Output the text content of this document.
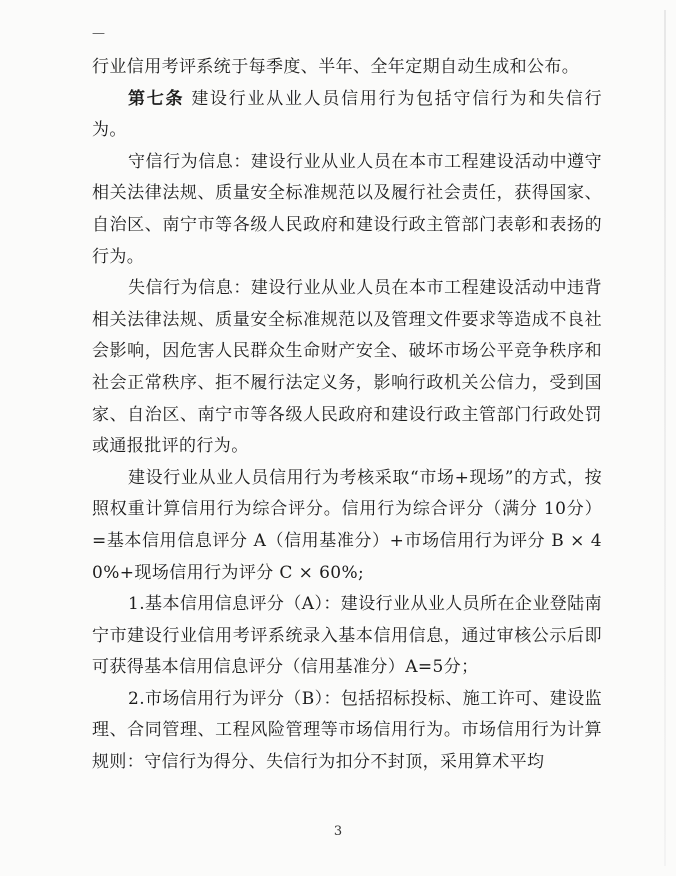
—

行业信用考评系统于每季度、半年、全年定期自动生成和公布。

第七条 建设行业从业人员信用行为包括守信行为和失信行为。

守信行为信息：建设行业从业人员在本市工程建设活动中遵守相关法律法规、质量安全标准规范以及履行社会责任，获得国家、自治区、南宁市等各级人民政府和建设行政主管部门表彰和表扬的行为。

失信行为信息：建设行业从业人员在本市工程建设活动中违背相关法律法规、质量安全标准规范以及管理文件要求等造成不良社会影响，因危害人民群众生命财产安全、破坏市场公平竞争秩序和社会正常秩序、拒不履行法定义务，影响行政机关公信力，受到国家、自治区、南宁市等各级人民政府和建设行政主管部门行政处罚或通报批评的行为。

建设行业从业人员信用行为考核采取“市场+现场”的方式，按照权重计算信用行为综合评分。信用行为综合评分（满分 10分）=基本信用信息评分 A（信用基准分）+市场信用行为评分 B × 40%+现场信用行为评分 C × 60%;

1.基本信用信息评分（A）：建设行业从业人员所在企业登陆南宁市建设行业信用考评系统录入基本信用信息，通过审核公示后即可获得基本信用信息评分（信用基准分）A=5分；

2.市场信用行为评分（B）：包括招标投标、施工许可、建设监理、合同管理、工程风险管理等市场信用行为。市场信用行为计算规则：守信行为得分、失信行为扣分不封顶，采用算术平均

3
